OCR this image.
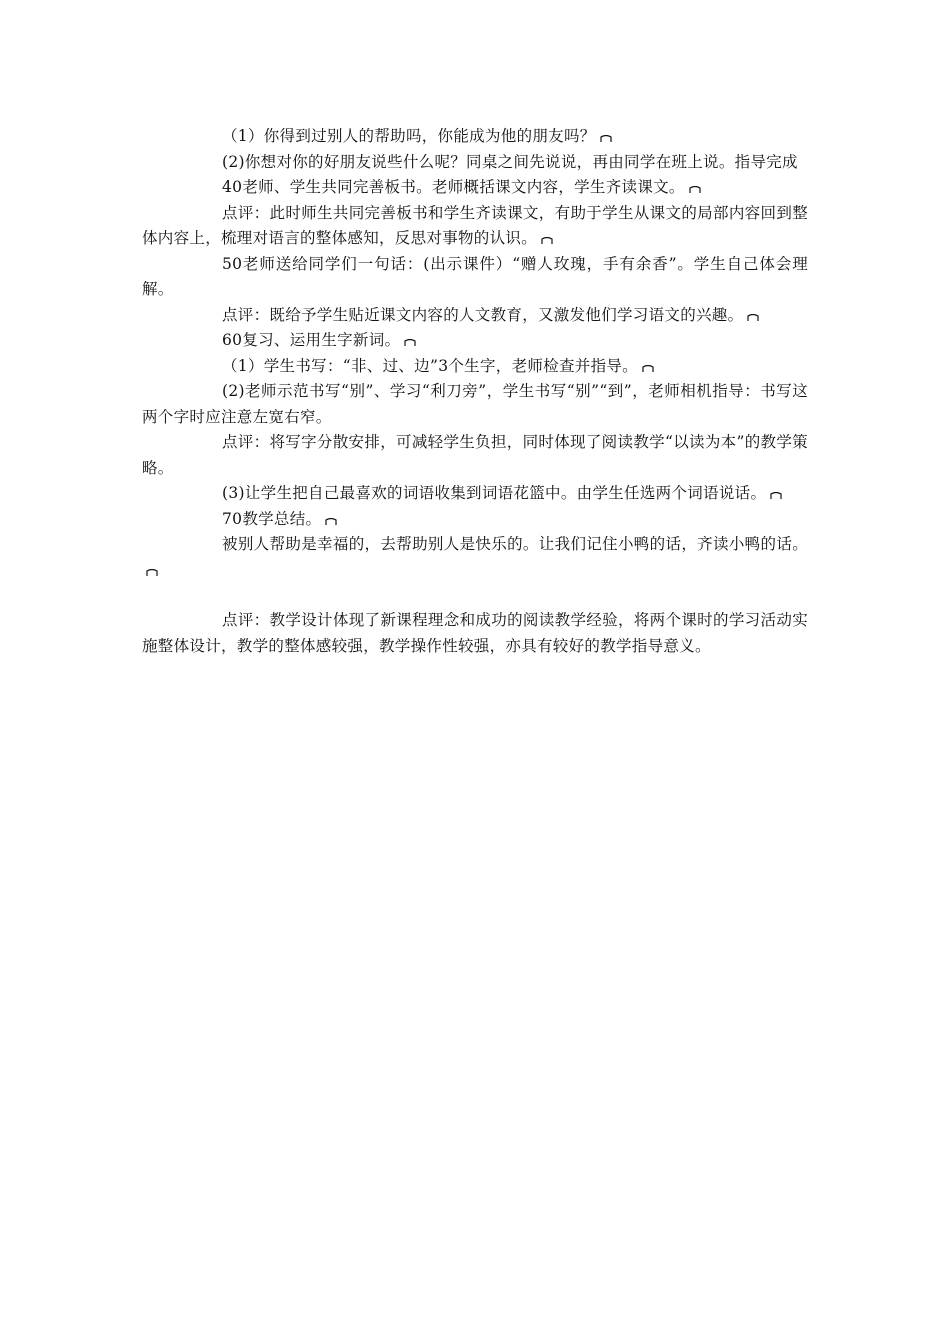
（1）你得到过别人的帮助吗，你能成为他的朋友吗？

(2)你想对你的好朋友说些什么呢？同桌之间先说说，再由同学在班上说。指导完成

40老师、学生共同完善板书。老师概括课文内容，学生齐读课文。

点评：此时师生共同完善板书和学生齐读课文，有助于学生从课文的局部内容回到整体内容上，梳理对语言的整体感知，反思对事物的认识。

50老师送给同学们一句话：(出示课件）“赠人玫瑰，手有余香”。学生自己体会理解。

点评：既给予学生贴近课文内容的人文教育，又激发他们学习语文的兴趣。

60复习、运用生字新词。

（1）学生书写：“非、过、边”3个生字，老师检查并指导。

(2)老师示范书写“别”、学习“利刀旁”，学生书写“别”“到”，老师相机指导：书写这两个字时应注意左宽右窄。

点评：将写字分散安排，可减轻学生负担，同时体现了阅读教学“以读为本”的教学策略。

(3)让学生把自己最喜欢的词语收集到词语花篮中。由学生任选两个词语说话。

70教学总结。

被别人帮助是幸福的，去帮助别人是快乐的。让我们记住小鸭的话，齐读小鸭的话。

点评：教学设计体现了新课程理念和成功的阅读教学经验，将两个课时的学习活动实施整体设计，教学的整体感较强，教学操作性较强，亦具有较好的教学指导意义。
